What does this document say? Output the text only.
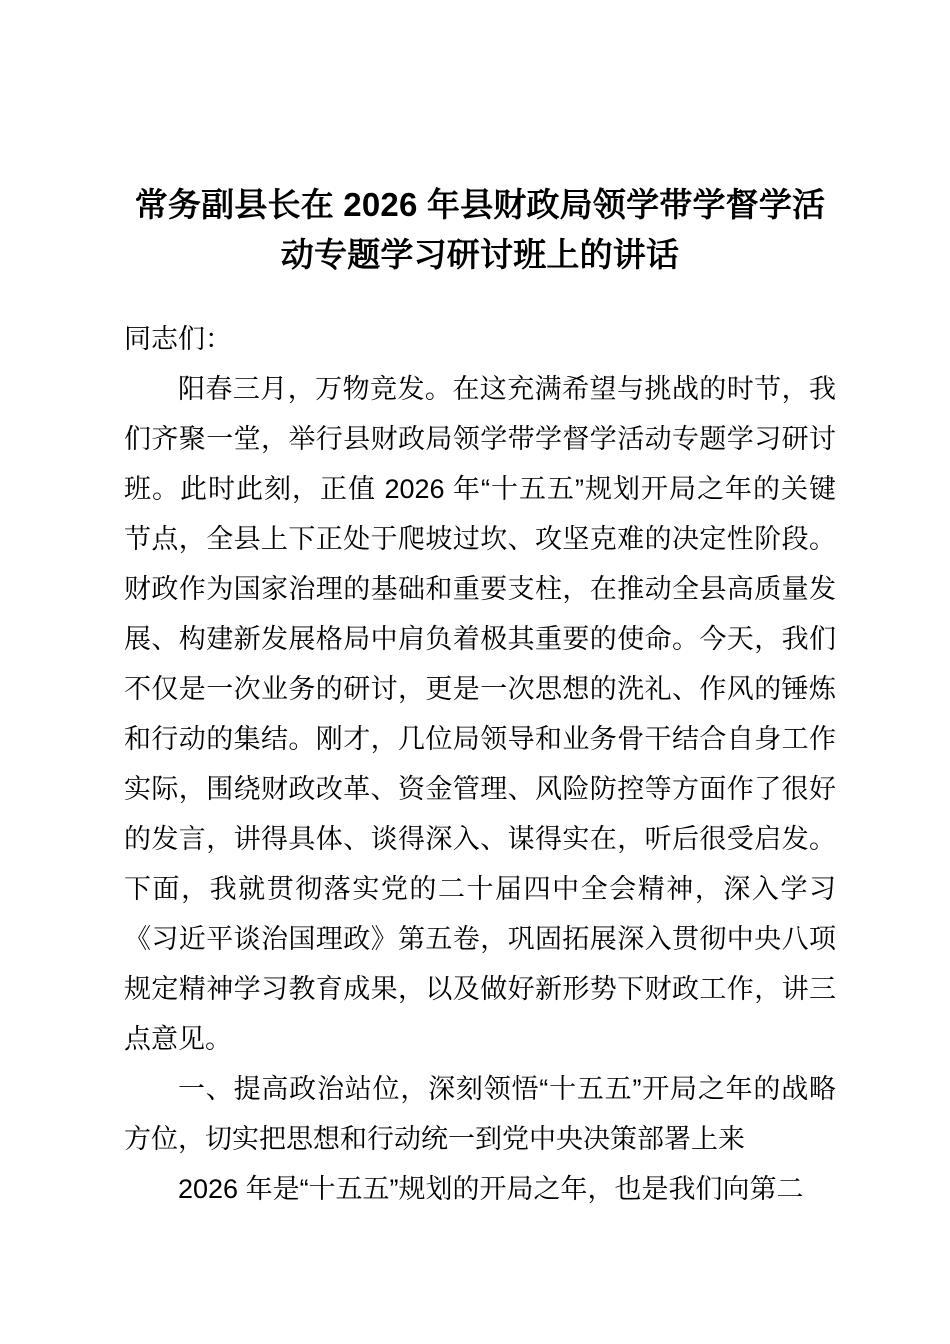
常务副县长在 2026 年县财政局领学带学督学活动专题学习研讨班上的讲话

同志们：

阳春三月，万物竞发。在这充满希望与挑战的时节，我们齐聚一堂，举行县财政局领学带学督学活动专题学习研讨班。此时此刻，正值 2026 年“十五五”规划开局之年的关键节点，全县上下正处于爬坡过坎、攻坚克难的决定性阶段。财政作为国家治理的基础和重要支柱，在推动全县高质量发展、构建新发展格局中肩负着极其重要的使命。今天，我们不仅是一次业务的研讨，更是一次思想的洗礼、作风的锤炼和行动的集结。刚才，几位局领导和业务骨干结合自身工作实际，围绕财政改革、资金管理、风险防控等方面作了很好的发言，讲得具体、谈得深入、谋得实在，听后很受启发。下面，我就贯彻落实党的二十届四中全会精神，深入学习《习近平谈治国理政》第五卷，巩固拓展深入贯彻中央八项规定精神学习教育成果，以及做好新形势下财政工作，讲三点意见。

一、提高政治站位，深刻领悟“十五五”开局之年的战略方位，切实把思想和行动统一到党中央决策部署上来

2026 年是“十五五”规划的开局之年，也是我们向第二
